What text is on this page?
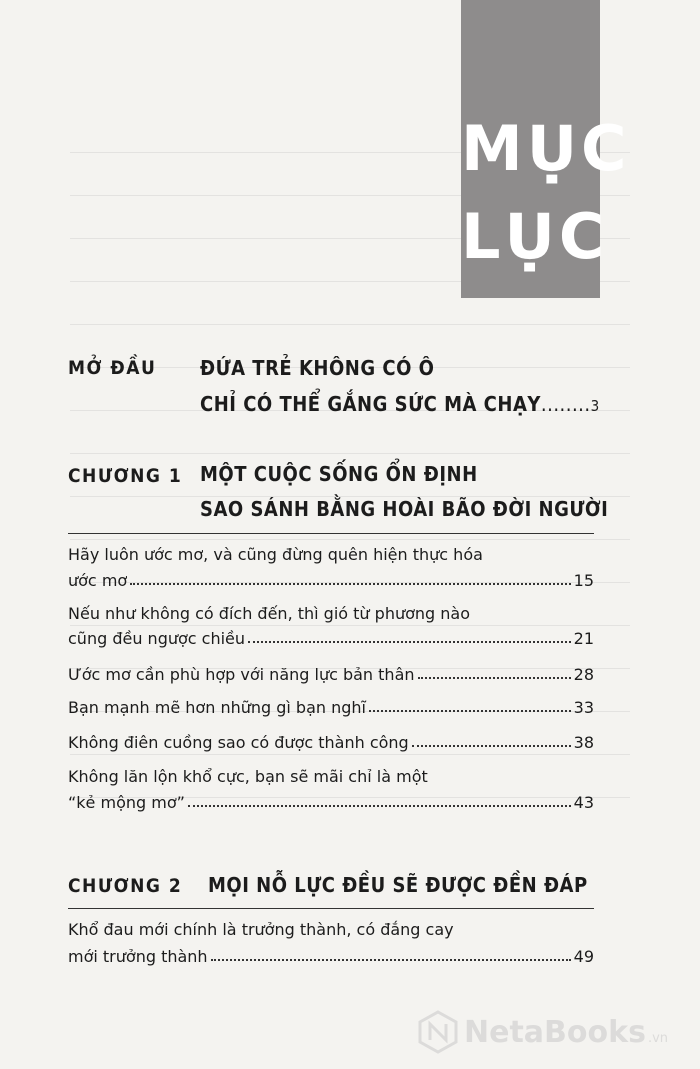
MỤC
LỤC
MỞ ĐẦU ĐỨA TRẺ KHÔNG CÓ Ô
CHỈ CÓ THỂ GẮNG SỨC MÀ CHẠY........3
CHƯƠNG 1 MỘT CUỘC SỐNG ỔN ĐỊNH
SAO SÁNH BẰNG HOÀI BÃO ĐỜI NGƯỜI
Hãy luôn ước mơ, và cũng đừng quên hiện thực hóa
ước mơ	15
Nếu như không có đích đến, thì gió từ phương nào
cũng đều ngược chiều	21
Ước mơ cần phù hợp với năng lực bản thân	28
Bạn mạnh mẽ hơn những gì bạn nghĩ	33
Không điên cuồng sao có được thành công	38
Không lăn lộn khổ cực, bạn sẽ mãi chỉ là một
“kẻ mộng mơ”	43
CHƯƠNG 2 MỌI NỖ LỰC ĐỀU SẼ ĐƯỢC ĐỀN ĐÁP
Khổ đau mới chính là trưởng thành, có đắng cay
mới trưởng thành	49
NetaBooks .vn
